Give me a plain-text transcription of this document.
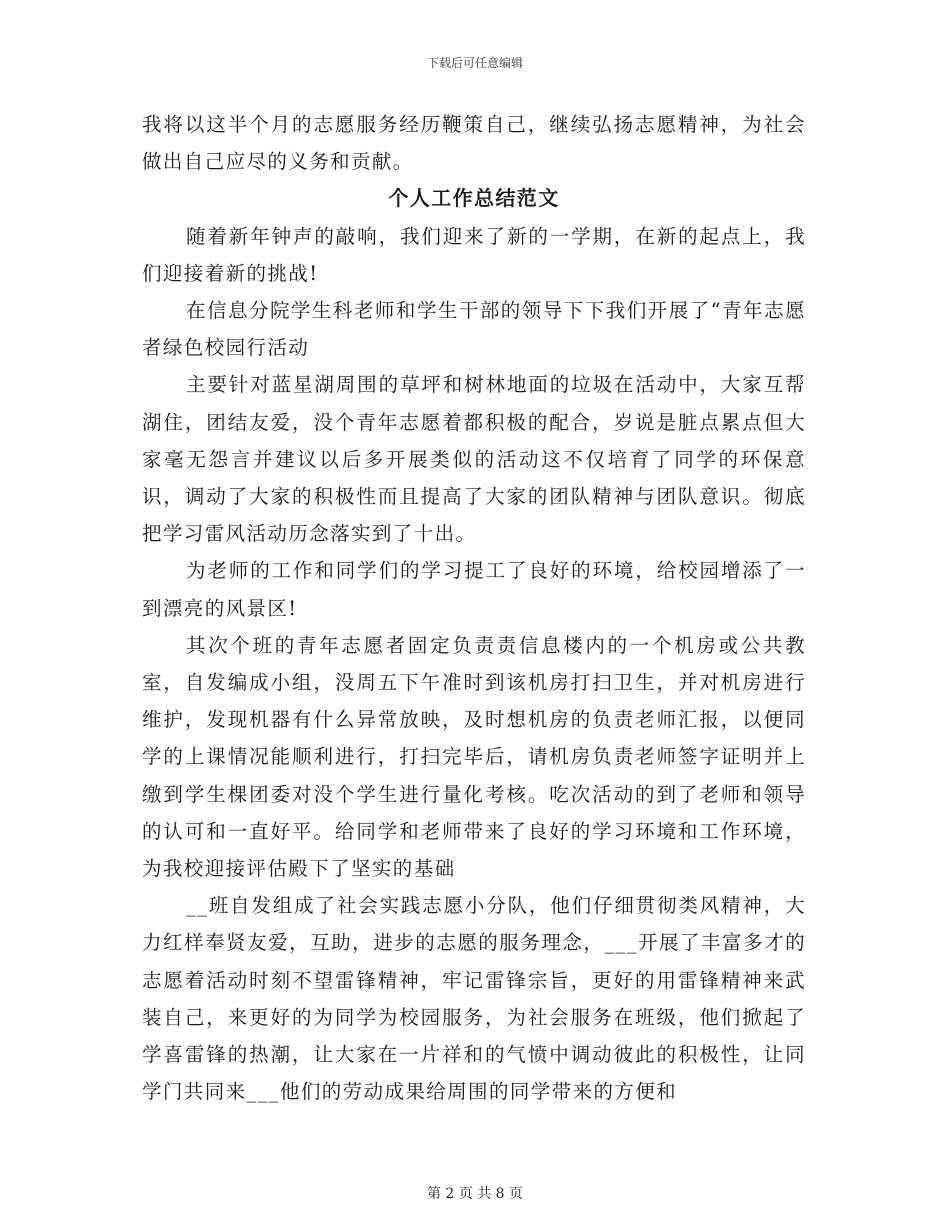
下载后可任意编辑

我将以这半个月的志愿服务经历鞭策自己，继续弘扬志愿精神，为社会做出自己应尽的义务和贡献。

个人工作总结范文

随着新年钟声的敲响，我们迎来了新的一学期，在新的起点上，我们迎接着新的挑战!

在信息分院学生科老师和学生干部的领导下下我们开展了“青年志愿者绿色校园行活动

主要针对蓝星湖周围的草坪和树林地面的垃圾在活动中，大家互帮湖住，团结友爱，没个青年志愿着都积极的配合，岁说是脏点累点但大家毫无怨言并建议以后多开展类似的活动这不仅培育了同学的环保意识，调动了大家的积极性而且提高了大家的团队精神与团队意识。彻底把学习雷风活动历念落实到了十出。

为老师的工作和同学们的学习提工了良好的环境，给校园增添了一到漂亮的风景区!

其次个班的青年志愿者固定负责责信息楼内的一个机房或公共教室，自发编成小组，没周五下午准时到该机房打扫卫生，并对机房进行维护，发现机器有什么异常放映，及时想机房的负责老师汇报，以便同学的上课情况能顺利进行，打扫完毕后，请机房负责老师签字证明并上缴到学生棵团委对没个学生进行量化考核。吃次活动的到了老师和领导的认可和一直好平。给同学和老师带来了良好的学习环境和工作环境，为我校迎接评估殿下了坚实的基础

__班自发组成了社会实践志愿小分队，他们仔细贯彻类风精神，大力红样奉贤友爱，互助，进步的志愿的服务理念，___开展了丰富多才的志愿着活动时刻不望雷锋精神，牢记雷锋宗旨，更好的用雷锋精神来武装自己，来更好的为同学为校园服务，为社会服务在班级，他们掀起了学喜雷锋的热潮，让大家在一片祥和的气愤中调动彼此的积极性，让同学门共同来___他们的劳动成果给周围的同学带来的方便和

第 2 页 共 8 页
